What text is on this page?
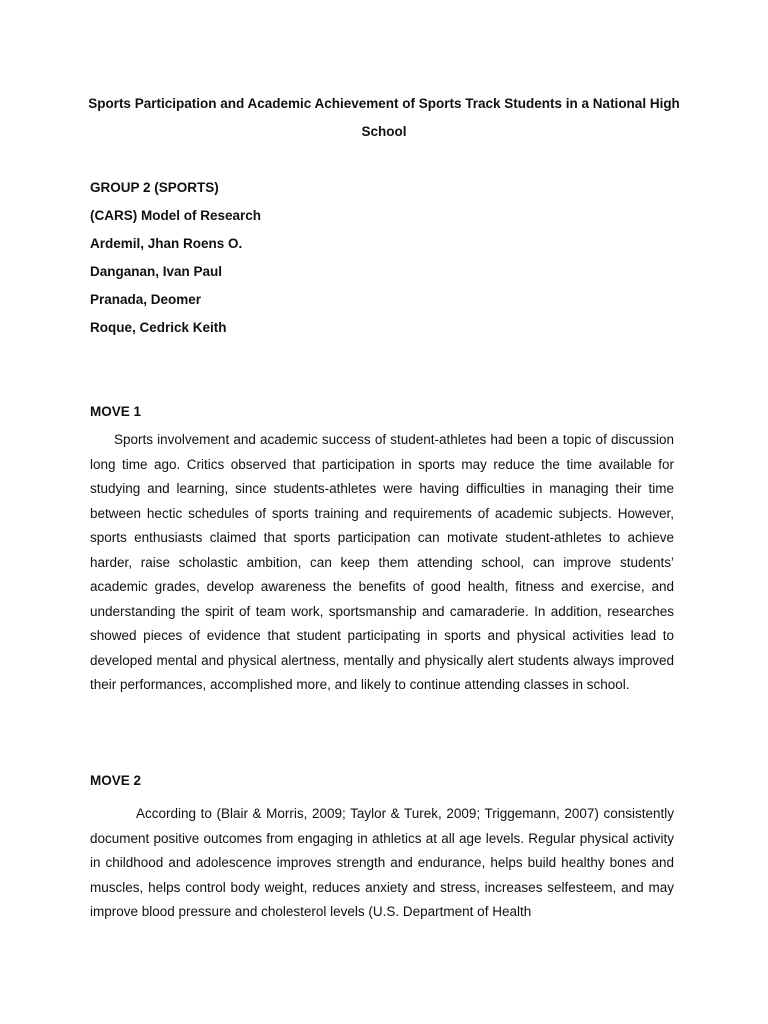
Sports Participation and Academic Achievement of Sports Track Students in a National High School

GROUP 2 (SPORTS)
(CARS) Model of Research
Ardemil, Jhan Roens O.
Danganan, Ivan Paul
Pranada, Deomer
Roque, Cedrick Keith
MOVE 1

Sports involvement and academic success of student-athletes had been a topic of discussion long time ago. Critics observed that participation in sports may reduce the time available for studying and learning, since students-athletes were having difficulties in managing their time between hectic schedules of sports training and requirements of academic subjects. However, sports enthusiasts claimed that sports participation can motivate student-athletes to achieve harder, raise scholastic ambition, can keep them attending school, can improve students’ academic grades, develop awareness the benefits of good health, fitness and exercise, and understanding the spirit of team work, sportsmanship and camaraderie. In addition, researches showed pieces of evidence that student participating in sports and physical activities lead to developed mental and physical alertness, mentally and physically alert students always improved their performances, accomplished more, and likely to continue attending classes in school.

MOVE 2

According to (Blair & Morris, 2009; Taylor & Turek, 2009; Triggemann, 2007) consistently document positive outcomes from engaging in athletics at all age levels. Regular physical activity in childhood and adolescence improves strength and endurance, helps build healthy bones and muscles, helps control body weight, reduces anxiety and stress, increases selfesteem, and may improve blood pressure and cholesterol levels (U.S. Department of Health
